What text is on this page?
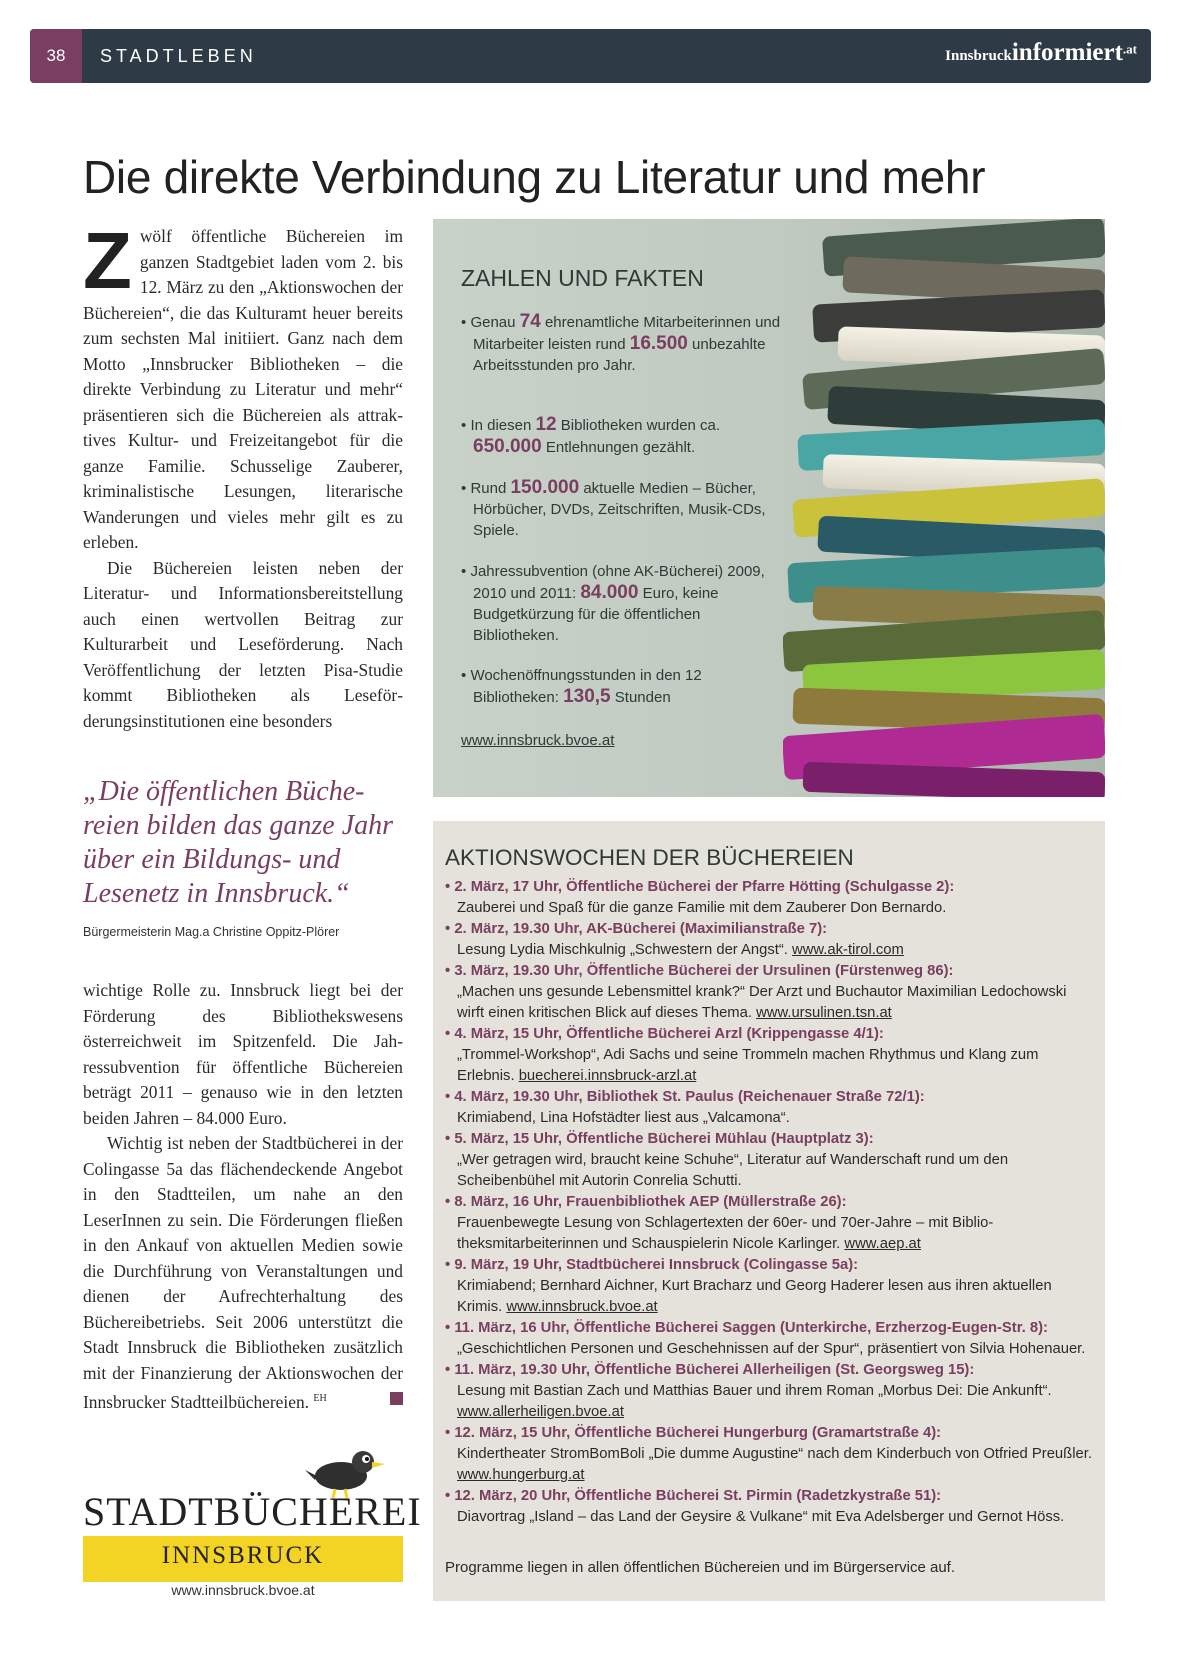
38	STADTLEBEN	Innsbruckinformiert$^{.at}$
Die direkte Verbindung zu Literatur und mehr

Zwölf öffentliche Büchereien im ganzen Stadtgebiet laden vom 2. bis 12. März zu den „Aktionswochen der Büchereien“, die das Kulturamt heuer bereits zum sechsten Mal initiiert. Ganz nach dem Motto „Innsbrucker Bibliotheken – die direkte Verbindung zu Literatur und mehr“ präsentieren sich die Büchereien als attraktives Kultur- und Freizeitangebot für die ganze Familie. Schusselige Zauberer, kriminalistische Lesungen, literarische Wanderungen und vieles mehr gilt es zu erleben.

Die Büchereien leisten neben der Literatur- und Informationsbereitstellung auch einen wertvollen Beitrag zur Kulturarbeit und Leseförderung. Nach Veröffentlichung der letzten Pisa-Studie kommt Bibliotheken als Leseförderungsinstitutionen eine besonders

„Die öffentlichen Büchereien bilden das ganze Jahr über ein Bildungs- und Lesenetz in Innsbruck.“
Bürgermeisterin Mag.a Christine Oppitz-Plörer

wichtige Rolle zu. Innsbruck liegt bei der Förderung des Bibliothekswesens österreichweit im Spitzenfeld. Die Jahressubvention für öffentliche Büchereien beträgt 2011 – genauso wie in den letzten beiden Jahren – 84.000 Euro.

Wichtig ist neben der Stadtbücherei in der Colingasse 5a das flächendeckende Angebot in den Stadtteilen, um nahe an den LeserInnen zu sein. Die Förderungen fließen in den Ankauf von aktuellen Medien sowie die Durchführung von Veranstaltungen und dienen der Aufrechterhaltung des Büchereibetriebs. Seit 2006 unterstützt die Stadt Innsbruck die Bibliotheken zusätzlich mit der Finanzierung der Aktionswochen der Innsbrucker Stadtteilbüchereien. $^{EH}$

ZAHLEN UND FAKTEN
• Genau 74 ehrenamtliche Mitarbeiterinnen und Mitarbeiter leisten rund 16.500 unbezahlte Arbeitsstunden pro Jahr.
• In diesen 12 Bibliotheken wurden ca. 650.000 Entlehnungen gezählt.
• Rund 150.000 aktuelle Medien – Bücher, Hörbücher, DVDs, Zeitschriften, Musik-CDs, Spiele.
• Jahressubvention (ohne AK-Bücherei) 2009, 2010 und 2011: 84.000 Euro, keine Budgetkürzung für die öffentlichen Bibliotheken.
• Wochenöffnungsstunden in den 12 Bibliotheken: 130,5 Stunden
www.innsbruck.bvoe.at
AKTIONSWOCHEN DER BÜCHEREIEN
• 2. März, 17 Uhr, Öffentliche Bücherei der Pfarre Hötting (Schulgasse 2):
Zauberei und Spaß für die ganze Familie mit dem Zauberer Don Bernardo.
• 2. März, 19.30 Uhr, AK-Bücherei (Maximilianstraße 7):
Lesung Lydia Mischkulnig „Schwestern der Angst“. www.ak-tirol.com
• 3. März, 19.30 Uhr, Öffentliche Bücherei der Ursulinen (Fürstenweg 86):
„Machen uns gesunde Lebensmittel krank?“ Der Arzt und Buchautor Maximilian Ledochowski wirft einen kritischen Blick auf dieses Thema. www.ursulinen.tsn.at
• 4. März, 15 Uhr, Öffentliche Bücherei Arzl (Krippengasse 4/1):
„Trommel-Workshop“, Adi Sachs und seine Trommeln machen Rhythmus und Klang zum Erlebnis. buecherei.innsbruck-arzl.at
• 4. März, 19.30 Uhr, Bibliothek St. Paulus (Reichenauer Straße 72/1):
Krimiabend, Lina Hofstädter liest aus „Valcamona“.
• 5. März, 15 Uhr, Öffentliche Bücherei Mühlau (Hauptplatz 3):
„Wer getragen wird, braucht keine Schuhe“, Literatur auf Wanderschaft rund um den Scheibenbühel mit Autorin Conrelia Schutti.
• 8. März, 16 Uhr, Frauenbibliothek AEP (Müllerstraße 26):
Frauenbewegte Lesung von Schlagertexten der 60er- und 70er-Jahre – mit Bibliotheksmitarbeiterinnen und Schauspielerin Nicole Karlinger. www.aep.at
• 9. März, 19 Uhr, Stadtbücherei Innsbruck (Colingasse 5a):
Krimiabend; Bernhard Aichner, Kurt Bracharz und Georg Haderer lesen aus ihren aktuellen Krimis. www.innsbruck.bvoe.at
• 11. März, 16 Uhr, Öffentliche Bücherei Saggen (Unterkirche, Erzherzog-Eugen-Str. 8):
„Geschichtlichen Personen und Geschehnissen auf der Spur“, präsentiert von Silvia Hohenauer.
• 11. März, 19.30 Uhr, Öffentliche Bücherei Allerheiligen (St. Georgsweg 15):
Lesung mit Bastian Zach und Matthias Bauer und ihrem Roman „Morbus Dei: Die Ankunft“. www.allerheiligen.bvoe.at
• 12. März, 15 Uhr, Öffentliche Bücherei Hungerburg (Gramartstraße 4):
Kindertheater StromBomBoli „Die dumme Augustine“ nach dem Kinderbuch von Otfried Preußler. www.hungerburg.at
• 12. März, 20 Uhr, Öffentliche Bücherei St. Pirmin (Radetzkystraße 51):
Diavortrag „Island – das Land der Geysire & Vulkane“ mit Eva Adelsberger und Gernot Höss.
Programme liegen in allen öffentlichen Büchereien und im Bürgerservice auf.
STADTBÜCHEREI
INNSBRUCK
www.innsbruck.bvoe.at
